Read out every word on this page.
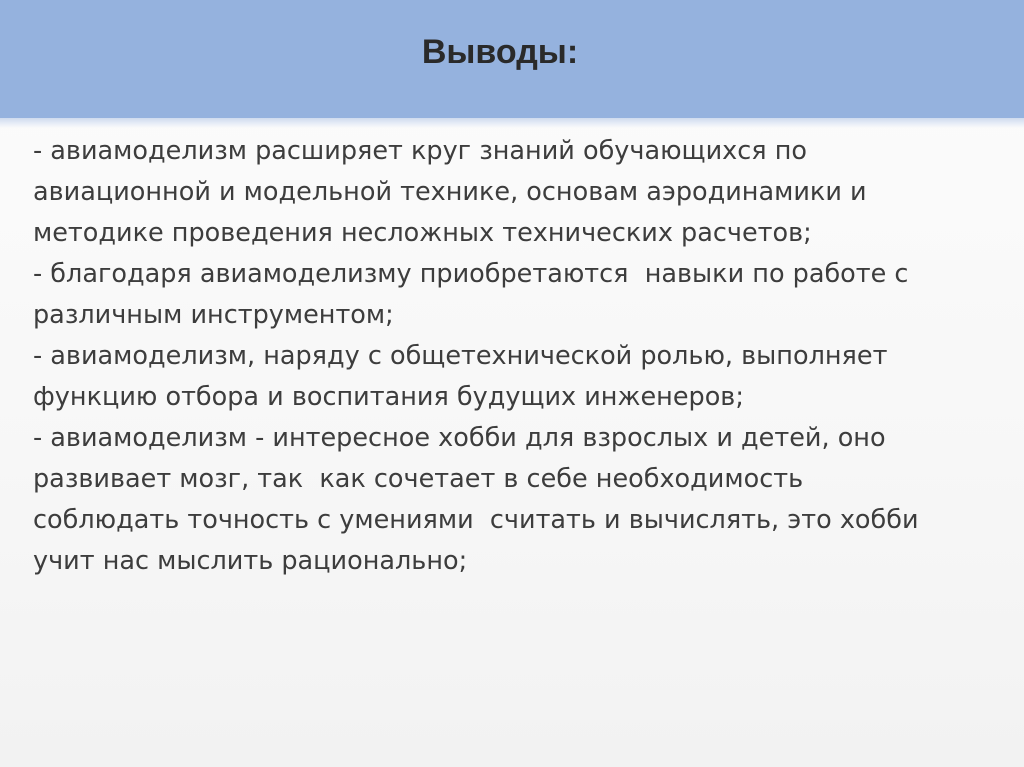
Выводы:
- авиамоделизм расширяет круг знаний обучающихся по
авиационной и модельной технике, основам аэродинамики и
методике проведения несложных технических расчетов;
- благодаря авиамоделизму приобретаются  навыки по работе с
различным инструментом;
- авиамоделизм, наряду с общетехнической ролью, выполняет
функцию отбора и воспитания будущих инженеров;
- авиамоделизм - интересное хобби для взрослых и детей, оно
развивает мозг, так  как сочетает в себе необходимость
соблюдать точность с умениями  считать и вычислять, это хобби
учит нас мыслить рационально;
